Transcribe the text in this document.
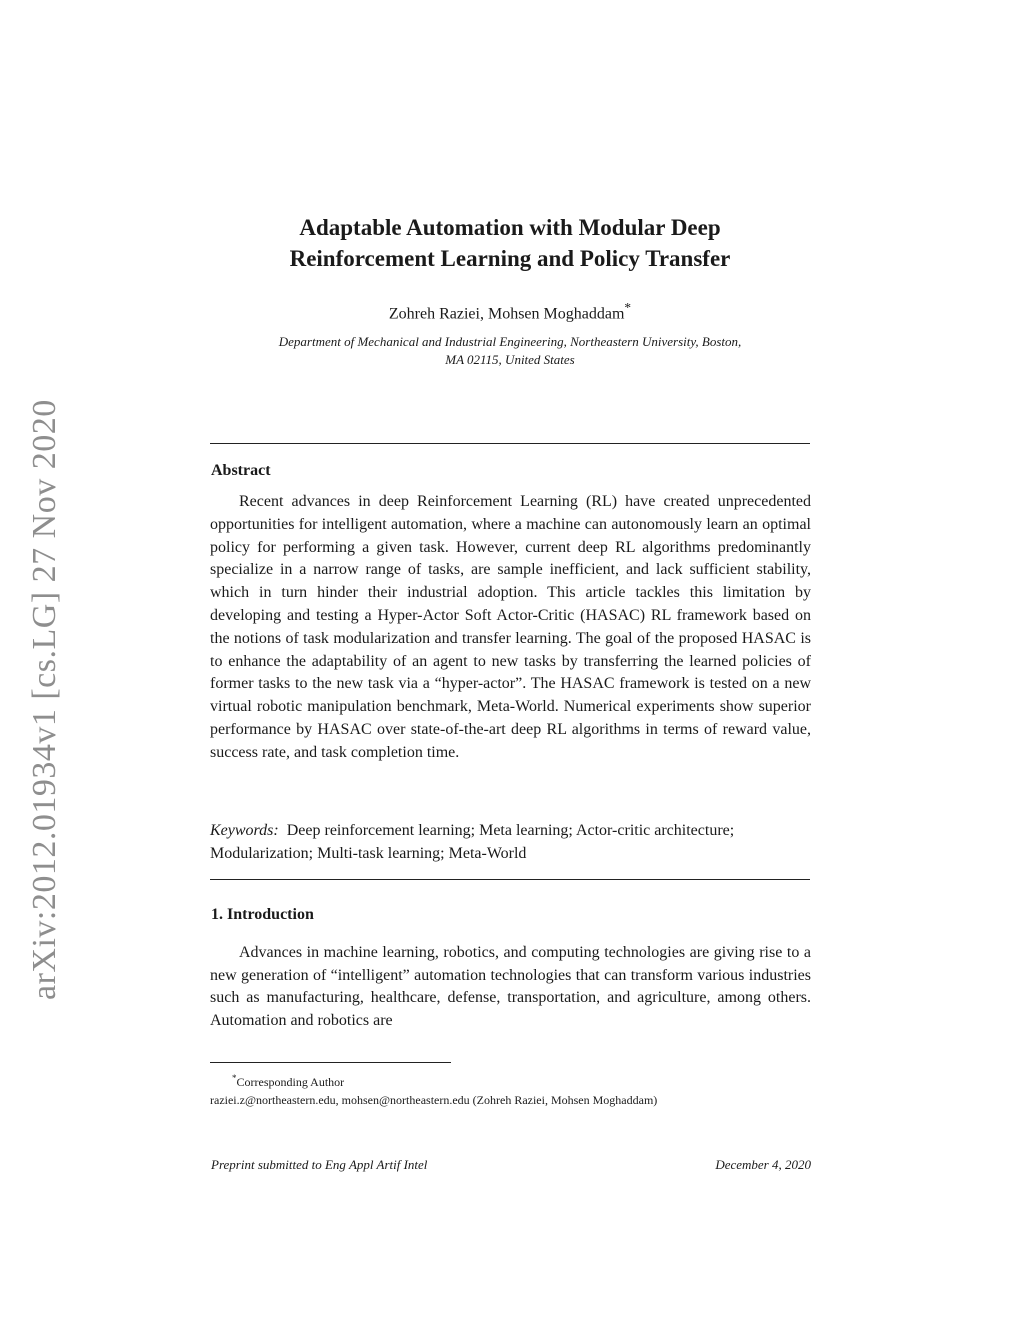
arXiv:2012.01934v1 [cs.LG] 27 Nov 2020
Adaptable Automation with Modular Deep
Reinforcement Learning and Policy Transfer
Zohreh Raziei, Mohsen Moghaddam*
Department of Mechanical and Industrial Engineering, Northeastern University, Boston,
MA 02115, United States
Abstract

Recent advances in deep Reinforcement Learning (RL) have created unprecedented opportunities for intelligent automation, where a machine can autonomously learn an optimal policy for performing a given task. However, current deep RL algorithms predominantly specialize in a narrow range of tasks, are sample inefficient, and lack sufficient stability, which in turn hinder their industrial adoption. This article tackles this limitation by developing and testing a Hyper-Actor Soft Actor-Critic (HASAC) RL framework based on the notions of task modularization and transfer learning. The goal of the proposed HASAC is to enhance the adaptability of an agent to new tasks by transferring the learned policies of former tasks to the new task via a “hyper-actor”. The HASAC framework is tested on a new virtual robotic manipulation benchmark, Meta-World. Numerical experiments show superior performance by HASAC over state-of-the-art deep RL algorithms in terms of reward value, success rate, and task completion time.

Keywords: Deep reinforcement learning; Meta learning; Actor-critic architecture; Modularization; Multi-task learning; Meta-World

1. Introduction

Advances in machine learning, robotics, and computing technologies are giving rise to a new generation of “intelligent” automation technologies that can transform various industries such as manufacturing, healthcare, defense, transportation, and agriculture, among others. Automation and robotics are

*Corresponding Author
raziei.z@northeastern.edu, mohsen@northeastern.edu (Zohreh Raziei, Mohsen Moghaddam)

Preprint submitted to Eng Appl Artif Intel	December 4, 2020
